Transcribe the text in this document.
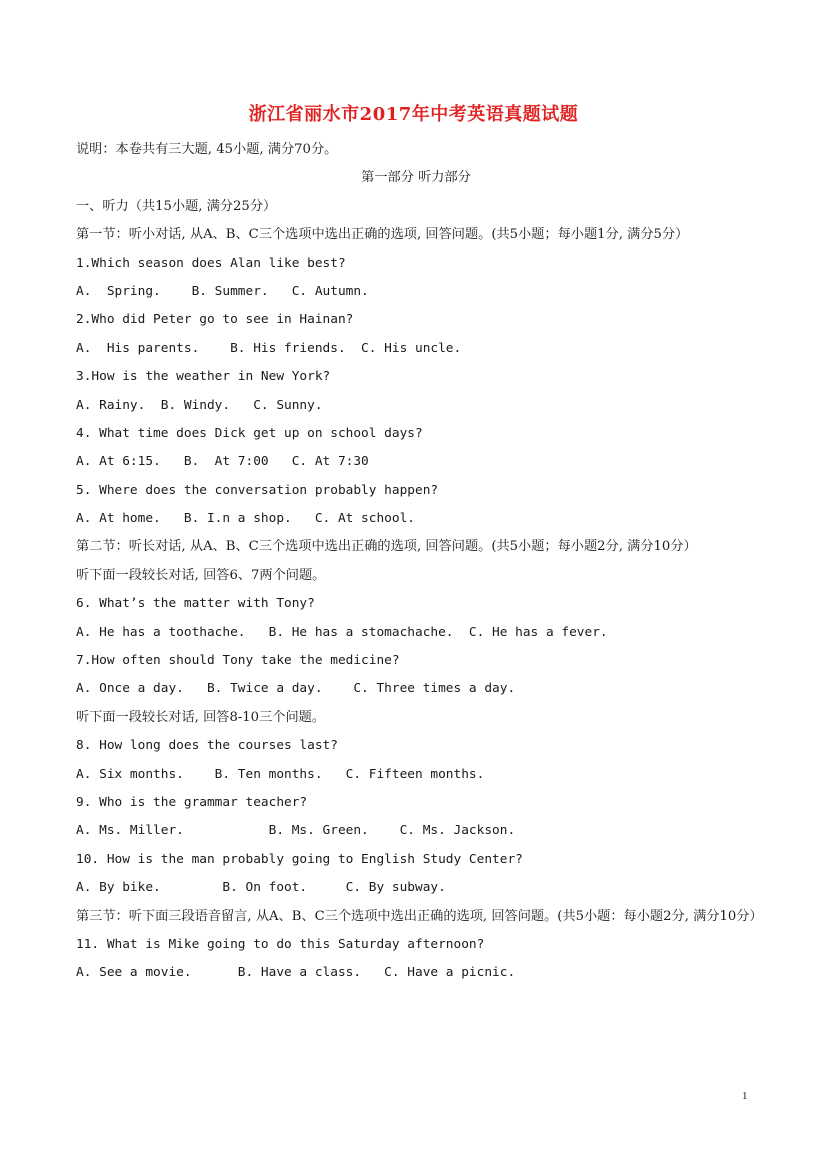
浙江省丽水市2017年中考英语真题试题
说明：本卷共有三大题, 45小题, 满分70分。
第一部分 听力部分
一、听力（共15小题, 满分25分）
第一节：听小对话, 从A、B、C三个选项中选出正确的选项, 回答问题。(共5小题；每小题1分, 满分5分）
1.Which season does Alan like best?
A.  Spring.    B. Summer.   C. Autumn.
2.Who did Peter go to see in Hainan?
A.  His parents.    B. His friends.  C. His uncle.
3.How is the weather in New York?
A. Rainy.  B. Windy.   C. Sunny.
4. What time does Dick get up on school days?
A. At 6:15.   B.  At 7:00   C. At 7:30
5. Where does the conversation probably happen?
A. At home.   B. I.n a shop.   C. At school.
第二节：听长对话, 从A、B、C三个选项中选出正确的选项, 回答问题。(共5小题；每小题2分, 满分10分）
听下面一段较长对话, 回答6、7两个问题。
6. What’s the matter with Tony?
A. He has a toothache.   B. He has a stomachache.  C. He has a fever.
7.How often should Tony take the medicine?
A. Once a day.   B. Twice a day.    C. Three times a day.
听下面一段较长对话, 回答8-10三个问题。
8. How long does the courses last?
A. Six months.    B. Ten months.   C. Fifteen months.
9. Who is the grammar teacher?
A. Ms. Miller.           B. Ms. Green.    C. Ms. Jackson.
10. How is the man probably going to English Study Center?
A. By bike.        B. On foot.     C. By subway.
第三节：听下面三段语音留言, 从A、B、C三个选项中选出正确的选项, 回答问题。(共5小题：每小题2分, 满分10分）
11. What is Mike going to do this Saturday afternoon?
A. See a movie.      B. Have a class.   C. Have a picnic.
1
